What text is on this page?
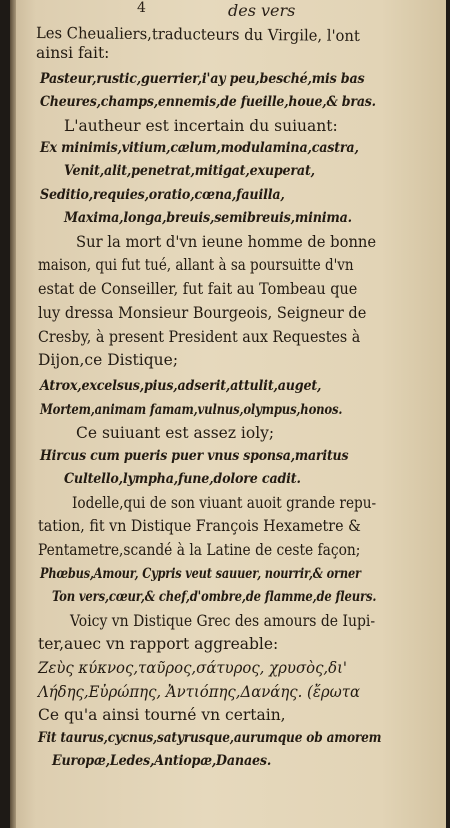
4	des vers
Les Cheualiers,traducteurs du Virgile, l'ont
ainsi fait:
Pasteur,rustic,guerrier,i'ay peu,besché,mis bas
Cheures,champs,ennemis,de fueille,houe,& bras.
L'autheur est incertain du suiuant:
Ex minimis,vitium,cælum,modulamina,castra,
Venit,alit,penetrat,mitigat,exuperat,
Seditio,requies,oratio,cœna,fauilla,
Maxima,longa,breuis,semibreuis,minima.
Sur la mort d'vn ieune homme de bonne
maison, qui fut tué, allant à sa poursuitte d'vn
estat de Conseiller, fut fait au Tombeau que
luy dressa Monsieur Bourgeois, Seigneur de
Cresby, à present President aux Requestes à
Dijon,ce Distique;
Atrox,excelsus,pius,adserit,attulit,auget,
Mortem,animam famam,vulnus,olympus,honos.
Ce suiuant est assez ioly;
Hircus cum pueris puer vnus sponsa,maritus
Cultello,lympha,fune,dolore cadit.
Iodelle,qui de son viuant auoit grande repu-
tation, fit vn Distique François Hexametre &
Pentametre,scandé à la Latine de ceste façon;
Phœbus,Amour, Cypris veut sauuer, nourrir,& orner
Ton vers,cœur,& chef,d'ombre,de flamme,de fleurs.
Voicy vn Distique Grec des amours de Iupi-
ter,auec vn rapport aggreable:
Ζεὺς κύκνος,ταῦρος,σάτυρος, χρυσὸς,δι'
Λήδης,Εὐρώπης, Ἀντιόπης,Δανάης. (ἔρωτα
Ce qu'a ainsi tourné vn certain,
Fit taurus,cycnus,satyrusque,aurumque ob amorem
Europæ,Ledes,Antiopæ,Danaes.
